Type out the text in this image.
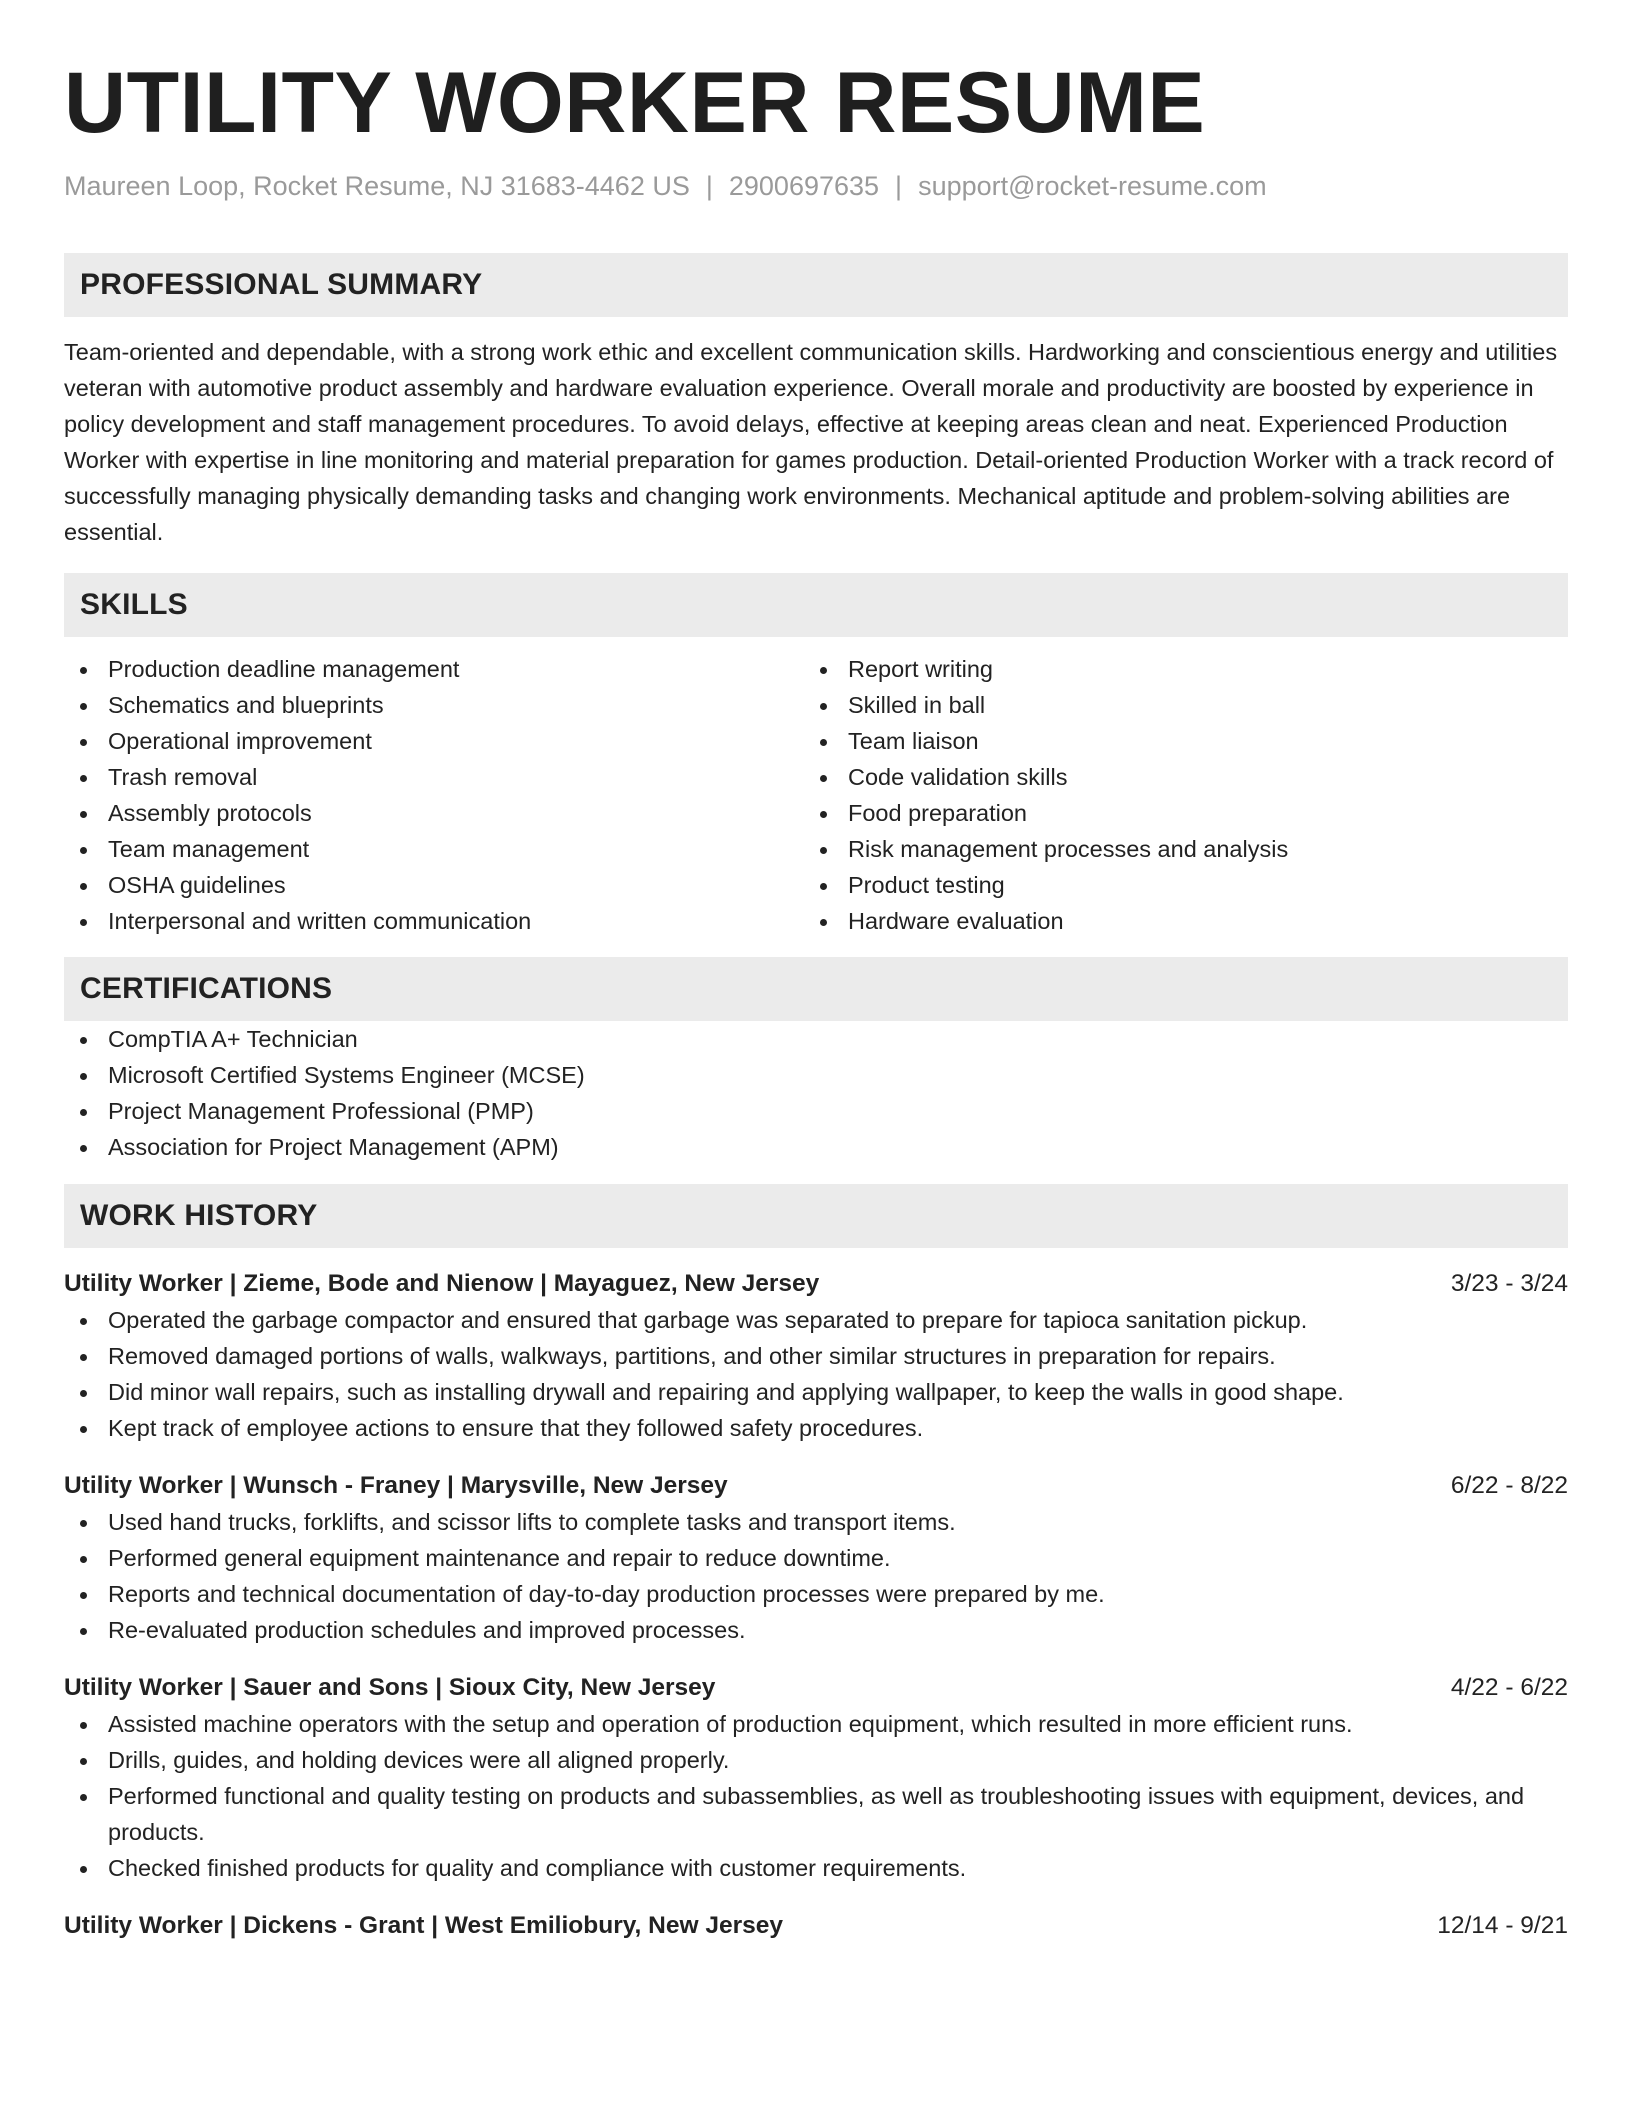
UTILITY WORKER RESUME
Maureen Loop, Rocket Resume, NJ 31683-4462 US | 2900697635 | support@rocket-resume.com
PROFESSIONAL SUMMARY

Team-oriented and dependable, with a strong work ethic and excellent communication skills. Hardworking and conscientious energy and utilities veteran with automotive product assembly and hardware evaluation experience. Overall morale and productivity are boosted by experience in policy development and staff management procedures. To avoid delays, effective at keeping areas clean and neat. Experienced Production Worker with expertise in line monitoring and material preparation for games production. Detail-oriented Production Worker with a track record of successfully managing physically demanding tasks and changing work environments. Mechanical aptitude and problem-solving abilities are essential.

SKILLS
Production deadline management
Schematics and blueprints
Operational improvement
Trash removal
Assembly protocols
Team management
OSHA guidelines
Interpersonal and written communication
Report writing
Skilled in ball
Team liaison
Code validation skills
Food preparation
Risk management processes and analysis
Product testing
Hardware evaluation
CERTIFICATIONS
CompTIA A+ Technician
Microsoft Certified Systems Engineer (MCSE)
Project Management Professional (PMP)
Association for Project Management (APM)
WORK HISTORY
Utility Worker | Zieme, Bode and Nienow | Mayaguez, New Jersey	3/23 - 3/24
Operated the garbage compactor and ensured that garbage was separated to prepare for tapioca sanitation pickup.
Removed damaged portions of walls, walkways, partitions, and other similar structures in preparation for repairs.
Did minor wall repairs, such as installing drywall and repairing and applying wallpaper, to keep the walls in good shape.
Kept track of employee actions to ensure that they followed safety procedures.
Utility Worker | Wunsch - Franey | Marysville, New Jersey	6/22 - 8/22
Used hand trucks, forklifts, and scissor lifts to complete tasks and transport items.
Performed general equipment maintenance and repair to reduce downtime.
Reports and technical documentation of day-to-day production processes were prepared by me.
Re-evaluated production schedules and improved processes.
Utility Worker | Sauer and Sons | Sioux City, New Jersey	4/22 - 6/22
Assisted machine operators with the setup and operation of production equipment, which resulted in more efficient runs.
Drills, guides, and holding devices were all aligned properly.
Performed functional and quality testing on products and subassemblies, as well as troubleshooting issues with equipment, devices, and products.
Checked finished products for quality and compliance with customer requirements.
Utility Worker | Dickens - Grant | West Emiliobury, New Jersey	12/14 - 9/21
